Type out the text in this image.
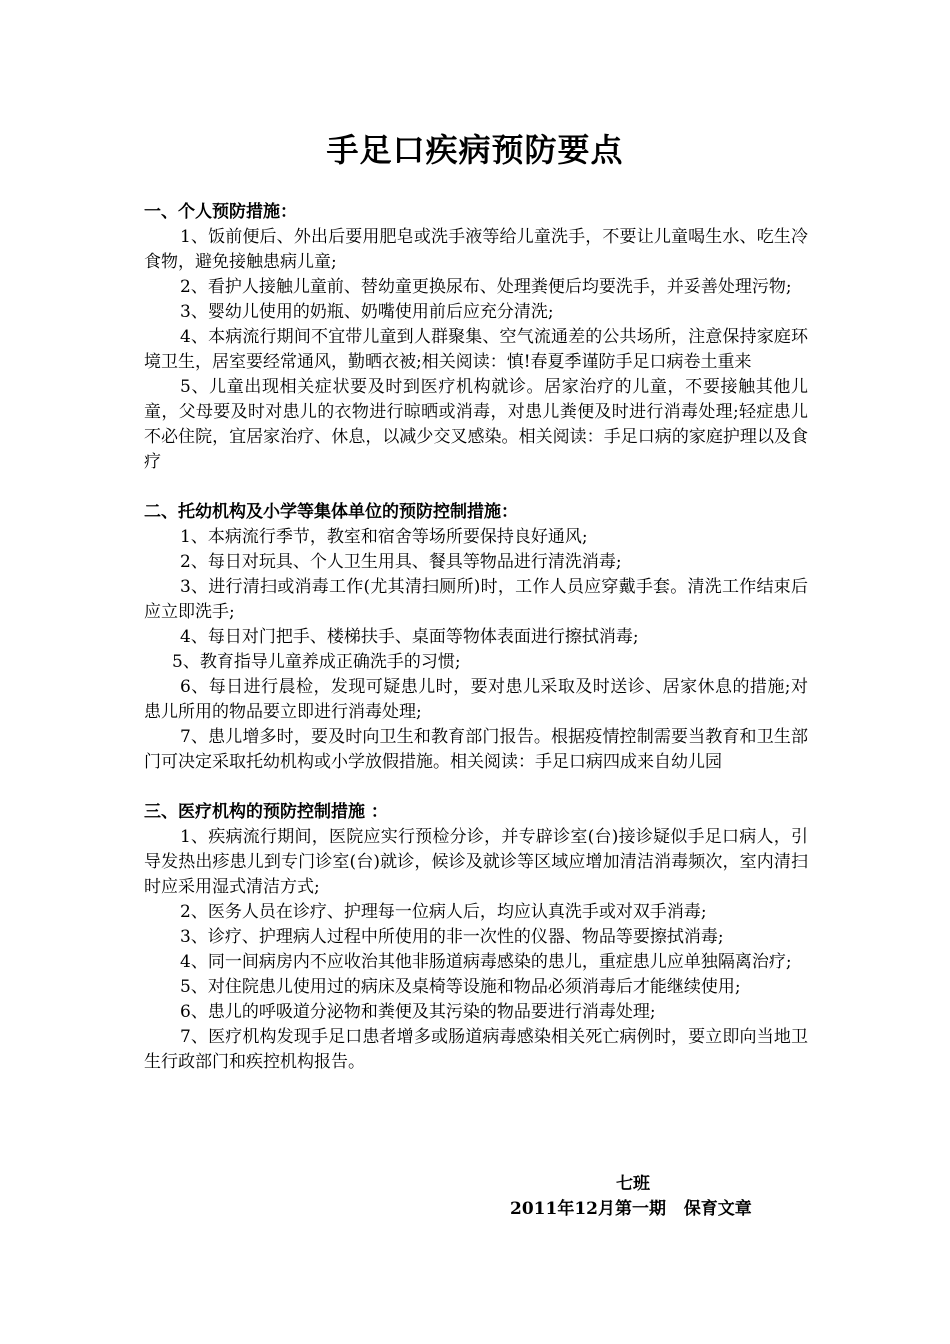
手足口疾病预防要点
一、个人预防措施：
1、饭前便后、外出后要用肥皂或洗手液等给儿童洗手，不要让儿童喝生水、吃生冷食物，避免接触患病儿童;
2、看护人接触儿童前、替幼童更换尿布、处理粪便后均要洗手，并妥善处理污物;
3、婴幼儿使用的奶瓶、奶嘴使用前后应充分清洗;
4、本病流行期间不宜带儿童到人群聚集、空气流通差的公共场所，注意保持家庭环境卫生，居室要经常通风，勤晒衣被;相关阅读：慎!春夏季谨防手足口病卷土重来
5、儿童出现相关症状要及时到医疗机构就诊。居家治疗的儿童，不要接触其他儿童，父母要及时对患儿的衣物进行晾晒或消毒，对患儿粪便及时进行消毒处理;轻症患儿不必住院，宜居家治疗、休息，以减少交叉感染。相关阅读：手足口病的家庭护理以及食疗
二、托幼机构及小学等集体单位的预防控制措施：
1、本病流行季节，教室和宿舍等场所要保持良好通风;
2、每日对玩具、个人卫生用具、餐具等物品进行清洗消毒;
3、进行清扫或消毒工作(尤其清扫厕所)时，工作人员应穿戴手套。清洗工作结束后应立即洗手;
4、每日对门把手、楼梯扶手、桌面等物体表面进行擦拭消毒;
5、教育指导儿童养成正确洗手的习惯;
6、每日进行晨检，发现可疑患儿时，要对患儿采取及时送诊、居家休息的措施;对患儿所用的物品要立即进行消毒处理;
7、患儿增多时，要及时向卫生和教育部门报告。根据疫情控制需要当教育和卫生部门可决定采取托幼机构或小学放假措施。相关阅读：手足口病四成来自幼儿园
三、医疗机构的预防控制措施 ：
1、疾病流行期间，医院应实行预检分诊，并专辟诊室(台)接诊疑似手足口病人，引导发热出疹患儿到专门诊室(台)就诊，候诊及就诊等区域应增加清洁消毒频次，室内清扫时应采用湿式清洁方式;
2、医务人员在诊疗、护理每一位病人后，均应认真洗手或对双手消毒;
3、诊疗、护理病人过程中所使用的非一次性的仪器、物品等要擦拭消毒;
4、同一间病房内不应收治其他非肠道病毒感染的患儿，重症患儿应单独隔离治疗;
5、对住院患儿使用过的病床及桌椅等设施和物品必须消毒后才能继续使用;
6、患儿的呼吸道分泌物和粪便及其污染的物品要进行消毒处理;
7、医疗机构发现手足口患者增多或肠道病毒感染相关死亡病例时，要立即向当地卫生行政部门和疾控机构报告。
七班
2011年12月第一期   保育文章
